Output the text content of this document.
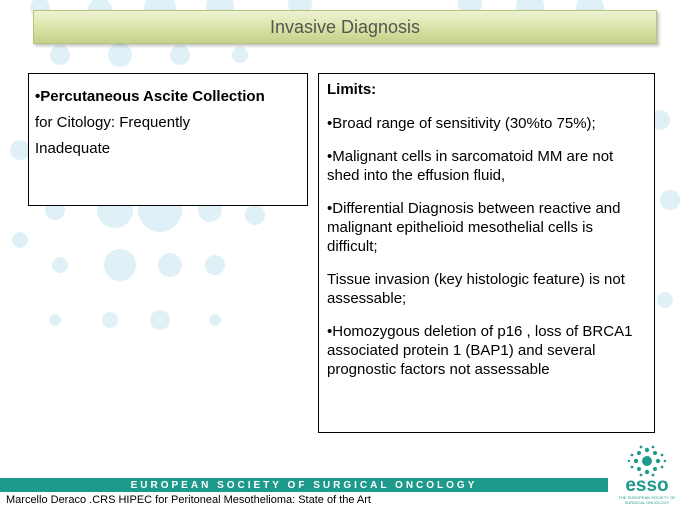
Invasive Diagnosis
•Percutaneous Ascite Collection
for Citology: Frequently
Inadequate
Limits:

•Broad range of sensitivity (30%to 75%);

•Malignant cells in sarcomatoid MM are not shed into the effusion fluid,

•Differential Diagnosis between reactive and malignant epithelioid mesothelial cells is difficult;

Tissue invasion (key histologic feature) is not assessable;

•Homozygous deletion of p16 , loss of BRCA1 associated protein 1 (BAP1) and several prognostic factors not assessable

EUROPEAN SOCIETY OF SURGICAL ONCOLOGY
Marcello Deraco .CRS HIPEC for Peritoneal Mesothelioma: State of the Art
esso
THE EUROPEAN SOCIETY OF SURGICAL ONCOLOGY
